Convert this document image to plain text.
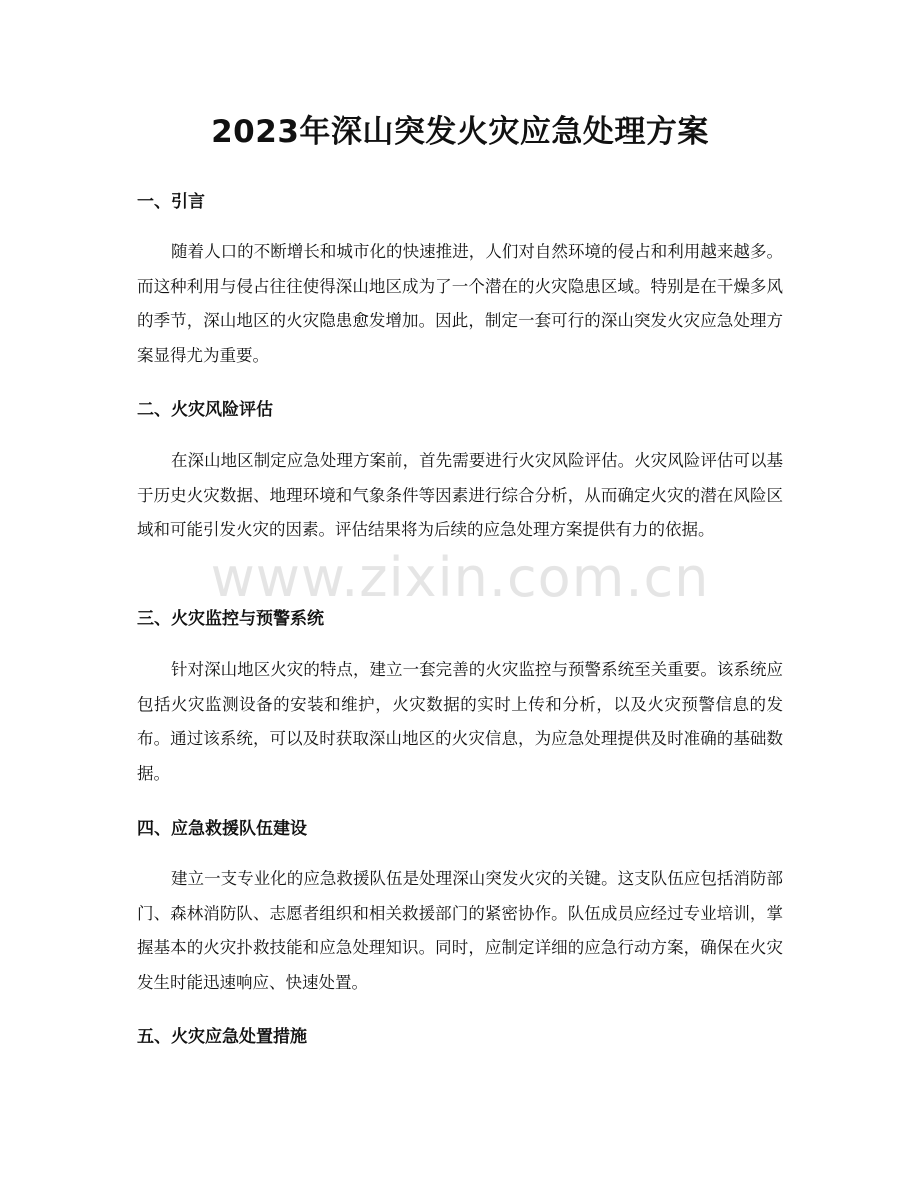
2023年深山突发火灾应急处理方案
一、引言

随着人口的不断增长和城市化的快速推进，人们对自然环境的侵占和利用越来越多。而这种利用与侵占往往使得深山地区成为了一个潜在的火灾隐患区域。特别是在干燥多风的季节，深山地区的火灾隐患愈发增加。因此，制定一套可行的深山突发火灾应急处理方案显得尤为重要。

二、火灾风险评估

在深山地区制定应急处理方案前，首先需要进行火灾风险评估。火灾风险评估可以基于历史火灾数据、地理环境和气象条件等因素进行综合分析，从而确定火灾的潜在风险区域和可能引发火灾的因素。评估结果将为后续的应急处理方案提供有力的依据。

三、火灾监控与预警系统

针对深山地区火灾的特点，建立一套完善的火灾监控与预警系统至关重要。该系统应包括火灾监测设备的安装和维护，火灾数据的实时上传和分析，以及火灾预警信息的发布。通过该系统，可以及时获取深山地区的火灾信息，为应急处理提供及时准确的基础数据。

四、应急救援队伍建设

建立一支专业化的应急救援队伍是处理深山突发火灾的关键。这支队伍应包括消防部门、森林消防队、志愿者组织和相关救援部门的紧密协作。队伍成员应经过专业培训，掌握基本的火灾扑救技能和应急处理知识。同时，应制定详细的应急行动方案，确保在火灾发生时能迅速响应、快速处置。

五、火灾应急处置措施
www.zixin.com.cn
